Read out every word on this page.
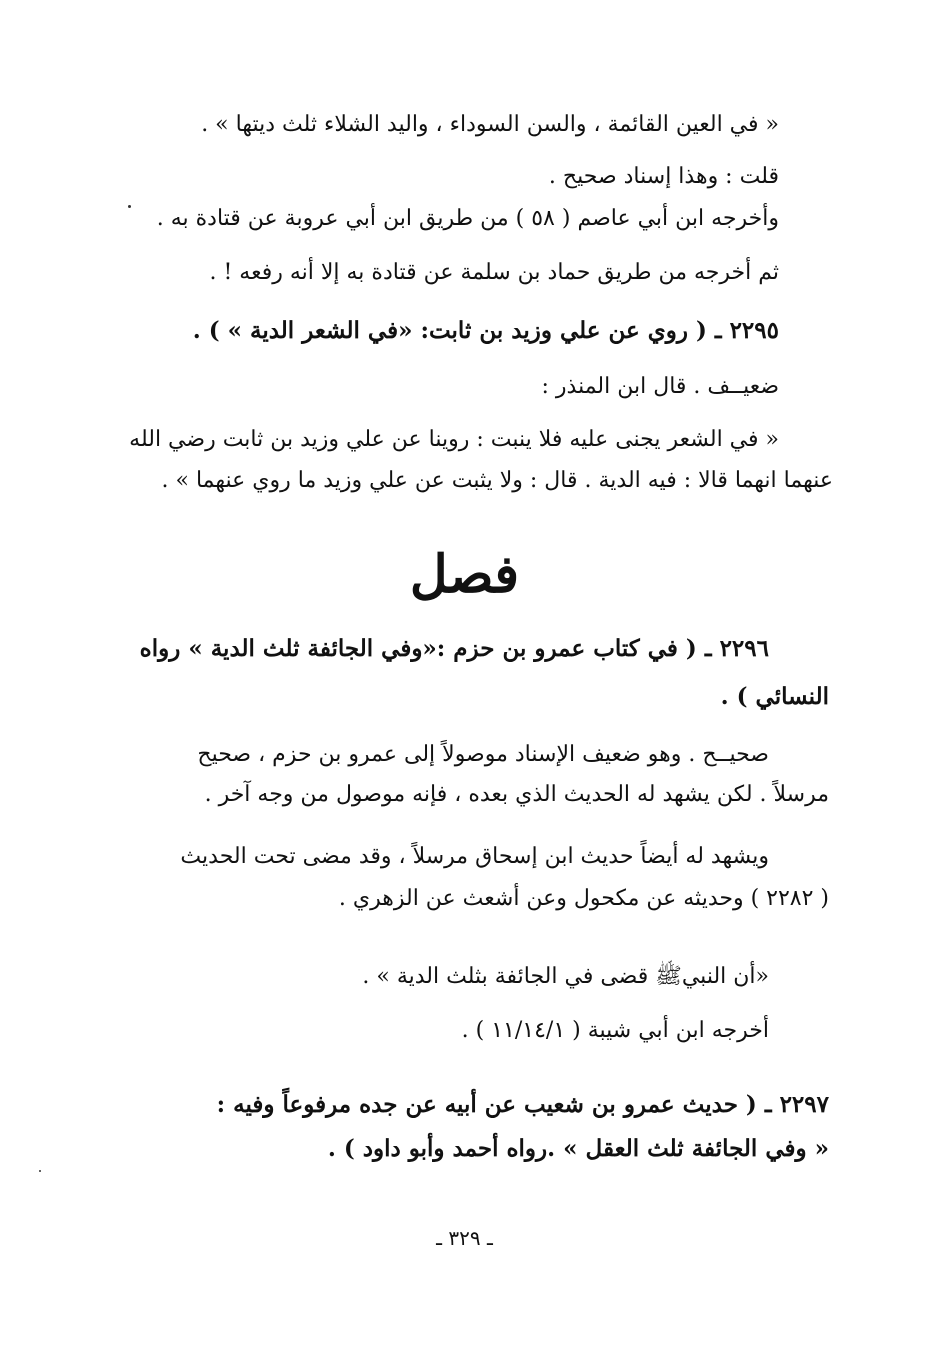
« في العين القائمة ، والسن السوداء ، واليد الشلاء ثلث ديتها » .
قلت : وهذا إسناد صحيح .
وأخرجه ابن أبي عاصم ( ٥٨ ) من طريق ابن أبي عروبة عن قتادة به .
ثم أخرجه من طريق حماد بن سلمة عن قتادة به إلا أنه رفعه ! .
٢٢٩٥ ـ ( روي عن علي وزيد بن ثابت: «في الشعر الدية » ) .
ضعيــف . قال ابن المنذر :
« في الشعر يجنى عليه فلا ينبت : روينا عن علي وزيد بن ثابت رضي الله
عنهما انهما قالا : فيه الدية . قال : ولا يثبت عن علي وزيد ما روي عنهما » .
فصل
٢٢٩٦ ـ ( في كتاب عمرو بن حزم :«وفي الجائفة ثلث الدية » رواه
النسائي ) .
صحيــح . وهو ضعيف الإسناد موصولاً إلى عمرو بن حزم ، صحيح
مرسلاً . لكن يشهد له الحديث الذي بعده ، فإنه موصول من وجه آخر .
ويشهد له أيضاً حديث ابن إسحاق مرسلاً ، وقد مضى تحت الحديث
( ٢٢٨٢ ) وحديثه عن مكحول وعن أشعث عن الزهري .
«أن النبيﷺ قضى في الجائفة بثلث الدية » .
أخرجه ابن أبي شيبة ( ١١/١٤/١ ) .
٢٢٩٧ ـ ( حديث عمرو بن شعيب عن أبيه عن جده مرفوعاً وفيه :
« وفي الجائفة ثلث العقل » .رواه أحمد وأبو داود ) .
ـ ٣٢٩ ـ
